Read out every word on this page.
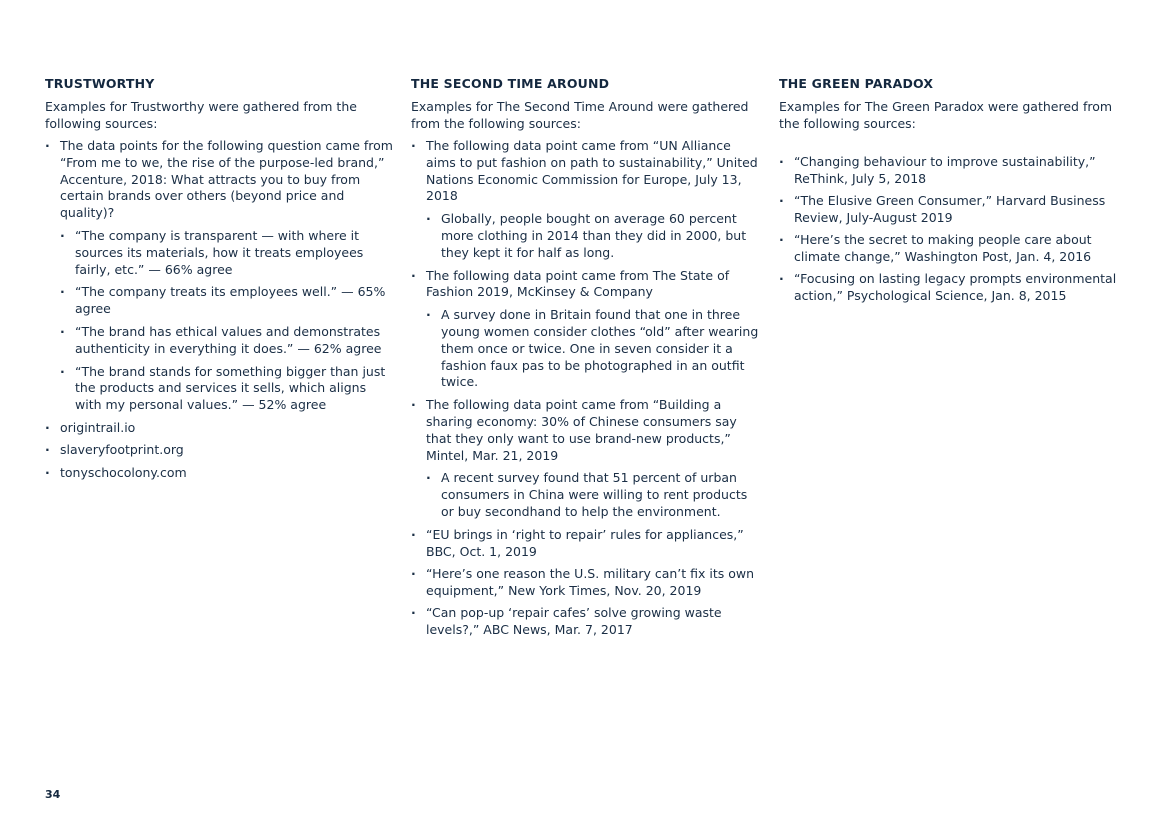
TRUSTWORTHY
Examples for Trustworthy were gathered from the following sources:
· The data points for the following question came from “From me to we, the rise of the purpose-led brand,” Accenture, 2018: What attracts you to buy from certain brands over others (beyond price and quality)?
· “The company is transparent — with where it sources its materials, how it treats employees fairly, etc.” — 66% agree
· “The company treats its employees well.” — 65% agree
· “The brand has ethical values and demonstrates authenticity in everything it does.” — 62% agree
· “The brand stands for something bigger than just the products and services it sells, which aligns with my personal values.” — 52% agree
· origintrail.io
· slaveryfootprint.org
· tonyschocolony.com
THE SECOND TIME AROUND
Examples for The Second Time Around were gathered from the following sources:
· The following data point came from “UN Alliance aims to put fashion on path to sustainability,” United Nations Economic Commission for Europe, July 13, 2018
· Globally, people bought on average 60 percent more clothing in 2014 than they did in 2000, but they kept it for half as long.
· The following data point came from The State of Fashion 2019, McKinsey & Company
· A survey done in Britain found that one in three young women consider clothes “old” after wearing them once or twice. One in seven consider it a fashion faux pas to be photographed in an outfit twice.
· The following data point came from “Building a sharing economy: 30% of Chinese consumers say that they only want to use brand-new products,” Mintel, Mar. 21, 2019
· A recent survey found that 51 percent of urban consumers in China were willing to rent products or buy secondhand to help the environment.
· “EU brings in ‘right to repair’ rules for appliances,” BBC, Oct. 1, 2019
· “Here’s one reason the U.S. military can’t fix its own equipment,” New York Times, Nov. 20, 2019
· “Can pop-up ‘repair cafes’ solve growing waste levels?,” ABC News, Mar. 7, 2017
THE GREEN PARADOX
Examples for The Green Paradox were gathered from the following sources:
· “Changing behaviour to improve sustainability,” ReThink, July 5, 2018
· “The Elusive Green Consumer,” Harvard Business Review, July-August 2019
· “Here’s the secret to making people care about climate change,” Washington Post, Jan. 4, 2016
· “Focusing on lasting legacy prompts environmental action,” Psychological Science, Jan. 8, 2015
34
